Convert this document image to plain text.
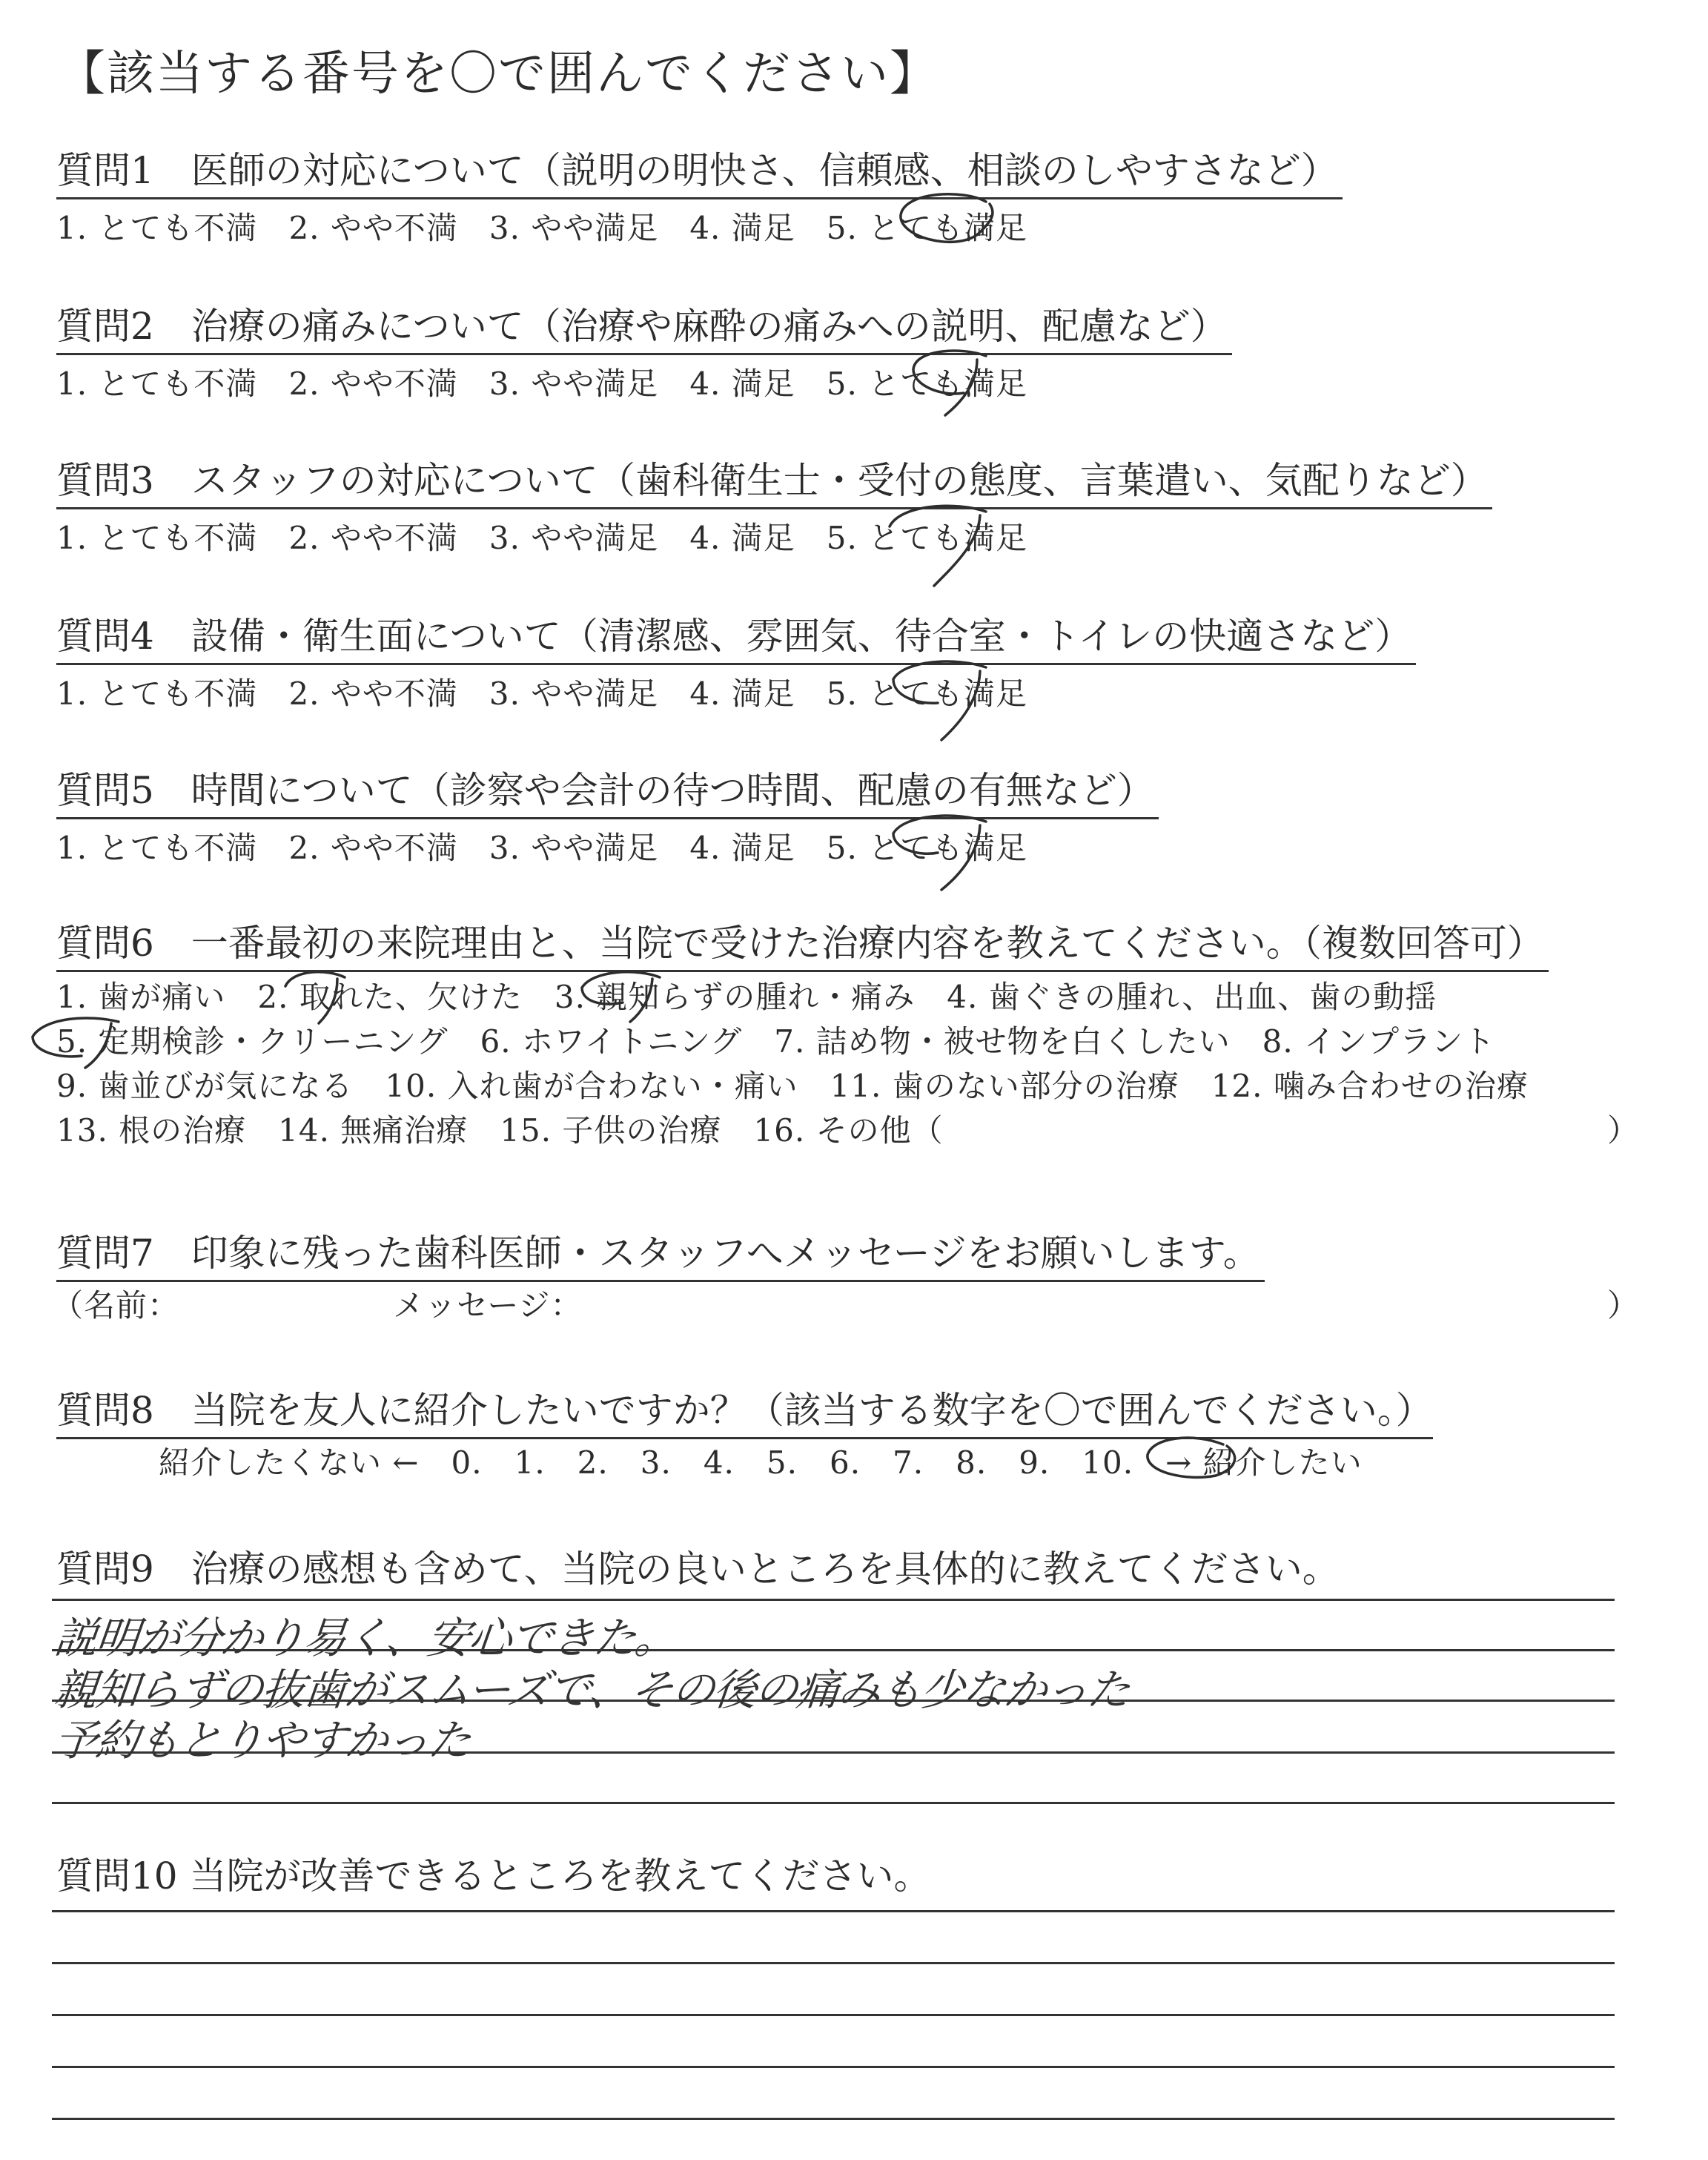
【該当する番号を〇で囲んでください】
質問1　医師の対応について（説明の明快さ、信頼感、相談のしやすさなど）
1. とても不満 2. やや不満 3. やや満足 4. 満足 5. とても満足
質問2　治療の痛みについて（治療や麻酔の痛みへの説明、配慮など）
1. とても不満 2. やや不満 3. やや満足 4. 満足 5. とても満足
質問3　スタッフの対応について（歯科衛生士・受付の態度、言葉遣い、気配りなど）
1. とても不満 2. やや不満 3. やや満足 4. 満足 5. とても満足
質問4　設備・衛生面について（清潔感、雰囲気、待合室・トイレの快適さなど）
1. とても不満 2. やや不満 3. やや満足 4. 満足 5. とても満足
質問5　時間について（診察や会計の待つ時間、配慮の有無など）
1. とても不満 2. やや不満 3. やや満足 4. 満足 5. とても満足
質問6　一番最初の来院理由と、当院で受けた治療内容を教えてください。（複数回答可）
1. 歯が痛い　2. 取れた、欠けた　3. 親知らずの腫れ・痛み　4. 歯ぐきの腫れ、出血、歯の動揺
5. 定期検診・クリーニング　6. ホワイトニング　7. 詰め物・被せ物を白くしたい　8. インプラント
9. 歯並びが気になる　10. 入れ歯が合わない・痛い　11. 歯のない部分の治療　12. 噛み合わせの治療
13. 根の治療　14. 無痛治療　15. 子供の治療　16. その他（	）
質問7　印象に残った歯科医師・スタッフへメッセージをお願いします。
（名前：	メッセージ：	）
質問8　当院を友人に紹介したいですか？（該当する数字を〇で囲んでください。）
紹介したくない ←　0.　1.　2.　3.　4.　5.　6.　7.　8.　9.　10.　→ 紹介したい
質問9　治療の感想も含めて、当院の良いところを具体的に教えてください。
説明が分かり易く、安心できた。
親知らずの抜歯がスムーズで、その後の痛みも少なかった
予約もとりやすかった
質問10 当院が改善できるところを教えてください。
